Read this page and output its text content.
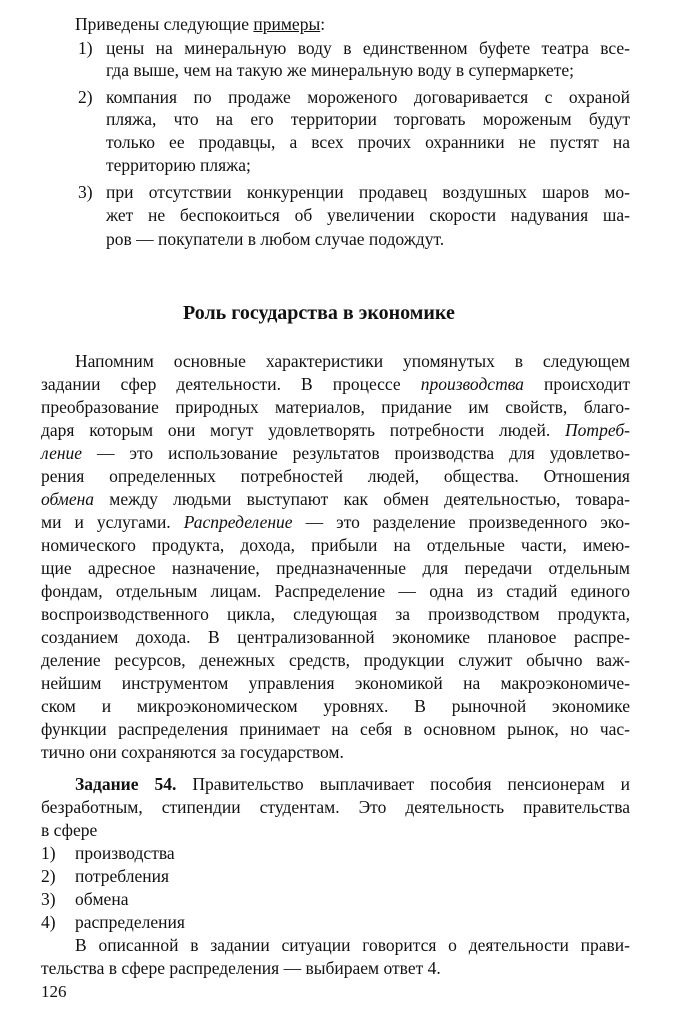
Приведены следующие примеры:
1) цены на минеральную воду в единственном буфете театра все-
гда выше, чем на такую же минеральную воду в супермаркете;
2) компания по продаже мороженого договаривается с охраной
пляжа, что на его территории торговать мороженым будут
только ее продавцы, а всех прочих охранники не пустят на
территорию пляжа;
3) при отсутствии конкуренции продавец воздушных шаров мо-
жет не беспокоиться об увеличении скорости надувания ша-
ров — покупатели в любом случае подождут.
Роль государства в экономике
Напомним основные характеристики упомянутых в следующем
задании сфер деятельности. В процессе производства происходит
преобразование природных материалов, придание им свойств, благо-
даря которым они могут удовлетворять потребности людей. Потреб-
ление — это использование результатов производства для удовлетво-
рения определенных потребностей людей, общества. Отношения
обмена между людьми выступают как обмен деятельностью, товара-
ми и услугами. Распределение — это разделение произведенного эко-
номического продукта, дохода, прибыли на отдельные части, имею-
щие адресное назначение, предназначенные для передачи отдельным
фондам, отдельным лицам. Распределение — одна из стадий единого
воспроизводственного цикла, следующая за производством продукта,
созданием дохода. В централизованной экономике плановое распре-
деление ресурсов, денежных средств, продукции служит обычно важ-
нейшим инструментом управления экономикой на макроэкономиче-
ском и микроэкономическом уровнях. В рыночной экономике
функции распределения принимает на себя в основном рынок, но час-
тично они сохраняются за государством.
Задание 54. Правительство выплачивает пособия пенсионерам и
безработным, стипендии студентам. Это деятельность правительства
в сфере
1) производства
2) потребления
3) обмена
4) распределения
В описанной в задании ситуации говорится о деятельности прави-
тельства в сфере распределения — выбираем ответ 4.
126
